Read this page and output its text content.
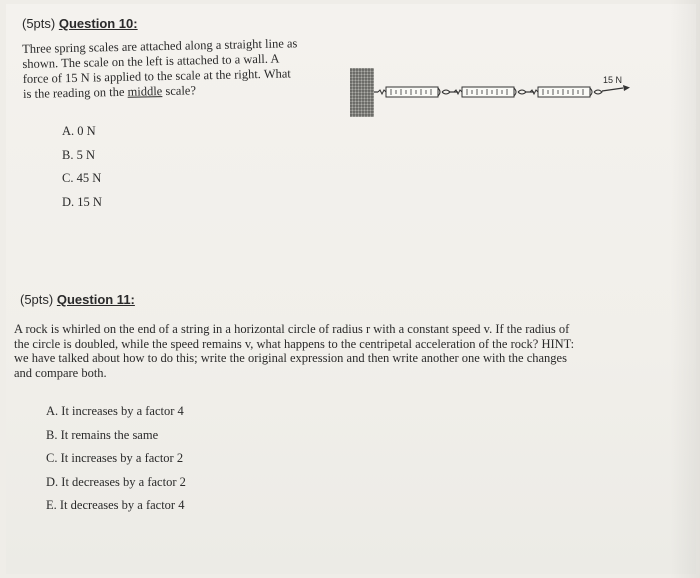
(5pts) Question 10:
Three spring scales are attached along a straight line as
shown. The scale on the left is attached to a wall. A
force of 15 N is applied to the scale at the right. What
is the reading on the middle scale?
15 N
A. 0 N
B. 5 N
C. 45 N
D. 15 N
(5pts) Question 11:
A rock is whirled on the end of a string in a horizontal circle of radius r with a constant speed v. If the radius of
the circle is doubled, while the speed remains v, what happens to the centripetal acceleration of the rock? HINT:
we have talked about how to do this; write the original expression and then write another one with the changes
and compare both.
A. It increases by a factor 4
B. It remains the same
C. It increases by a factor 2
D. It decreases by a factor 2
E. It decreases by a factor 4
